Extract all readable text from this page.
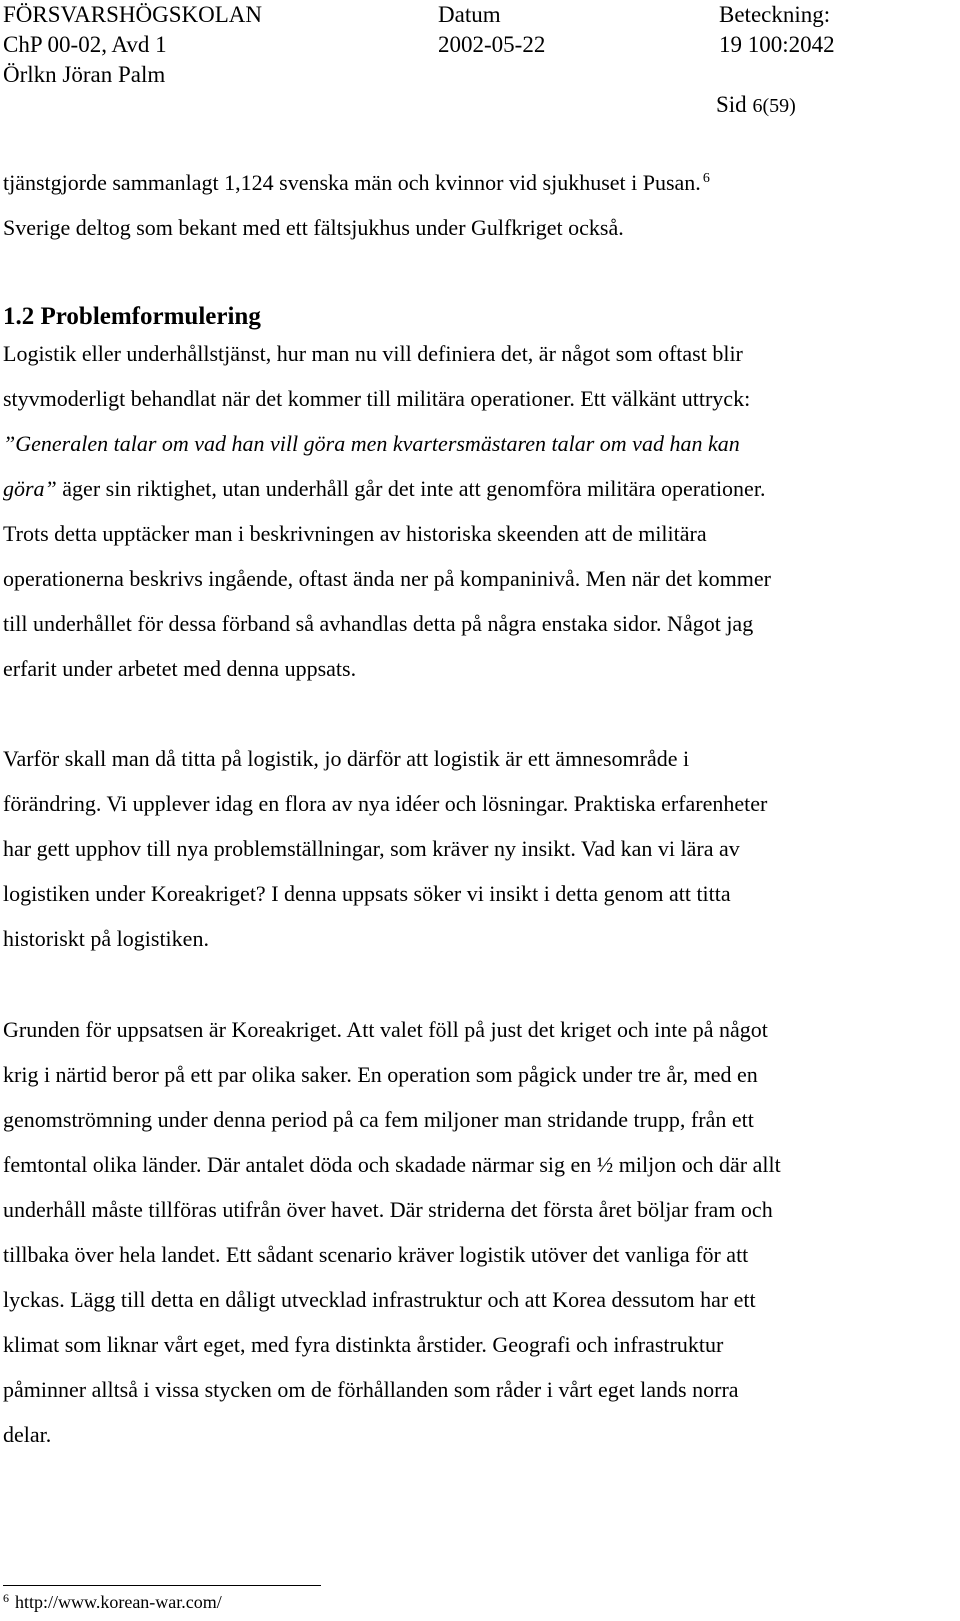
FÖRSVARSHÖGSKOLAN	Datum	Beteckning:
ChP 00-02, Avd 1	2002-05-22	19 100:2042
Örlkn Jöran Palm
Sid 6(59)
tjänstgjorde sammanlagt 1,124 svenska män och kvinnor vid sjukhuset i Pusan. $^6$
Sverige deltog som bekant med ett fältsjukhus under Gulfkriget också.
1.2 Problemformulering
Logistik eller underhållstjänst, hur man nu vill definiera det, är något som oftast blir
styvmoderligt behandlat när det kommer till militära operationer. Ett välkänt uttryck:
”Generalen talar om vad han vill göra men kvartersmästaren talar om vad han kan
göra” äger sin riktighet, utan underhåll går det inte att genomföra militära operationer.
Trots detta upptäcker man i beskrivningen av historiska skeenden att de militära
operationerna beskrivs ingående, oftast ända ner på kompaninivå. Men när det kommer
till underhållet för dessa förband så avhandlas detta på några enstaka sidor. Något jag
erfarit under arbetet med denna uppsats.
Varför skall man då titta på logistik, jo därför att logistik är ett ämnesområde i
förändring. Vi upplever idag en flora av nya idéer och lösningar. Praktiska erfarenheter
har gett upphov till nya problemställningar, som kräver ny insikt. Vad kan vi lära av
logistiken under Koreakriget? I denna uppsats söker vi insikt i detta genom att titta
historiskt på logistiken.
Grunden för uppsatsen är Koreakriget. Att valet föll på just det kriget och inte på något
krig i närtid beror på ett par olika saker. En operation som pågick under tre år, med en
genomströmning under denna period på ca fem miljoner man stridande trupp, från ett
femtontal olika länder. Där antalet döda och skadade närmar sig en ½ miljon och där allt
underhåll måste tillföras utifrån över havet. Där striderna det första året böljar fram och
tillbaka över hela landet. Ett sådant scenario kräver logistik utöver det vanliga för att
lyckas. Lägg till detta en dåligt utvecklad infrastruktur och att Korea dessutom har ett
klimat som liknar vårt eget, med fyra distinkta årstider. Geografi och infrastruktur
påminner alltså i vissa stycken om de förhållanden som råder i vårt eget lands norra
delar.
$^6$ http://www.korean-war.com/
